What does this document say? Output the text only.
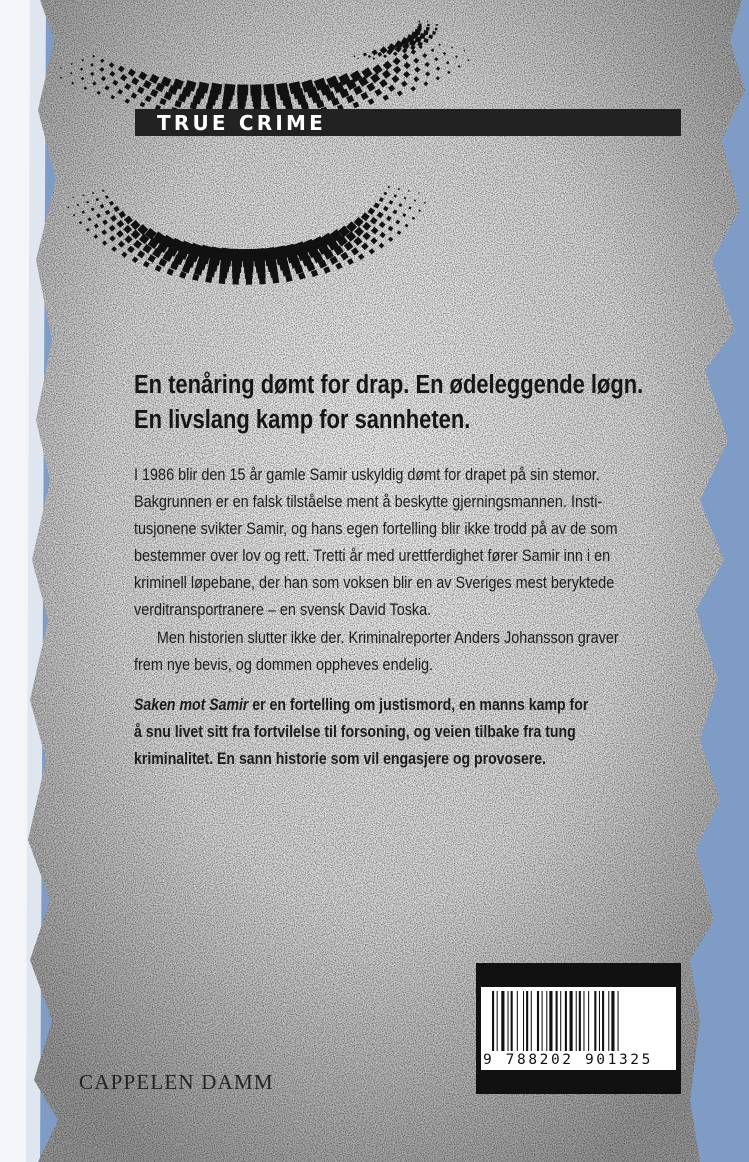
TRUE CRIME
En tenåring dømt for drap. En ødeleggende løgn.
En livslang kamp for sannheten.
I 1986 blir den 15 år gamle Samir uskyldig dømt for drapet på sin stemor.
Bakgrunnen er en falsk tilståelse ment å beskytte gjerningsmannen. Insti-
tusjonene svikter Samir, og hans egen fortelling blir ikke trodd på av de som
bestemmer over lov og rett. Tretti år med urettferdighet fører Samir inn i en
kriminell løpebane, der han som voksen blir en av Sveriges mest beryktede
verditransportranere – en svensk David Toska.
Men historien slutter ikke der. Kriminalreporter Anders Johansson graver
frem nye bevis, og dommen oppheves endelig.
Saken mot Samir er en fortelling om justismord, en manns kamp for
å snu livet sitt fra fortvilelse til forsoning, og veien tilbake fra tung
kriminalitet. En sann historie som vil engasjere og provosere.
9 788202 901325
CAPPELEN DAMM
